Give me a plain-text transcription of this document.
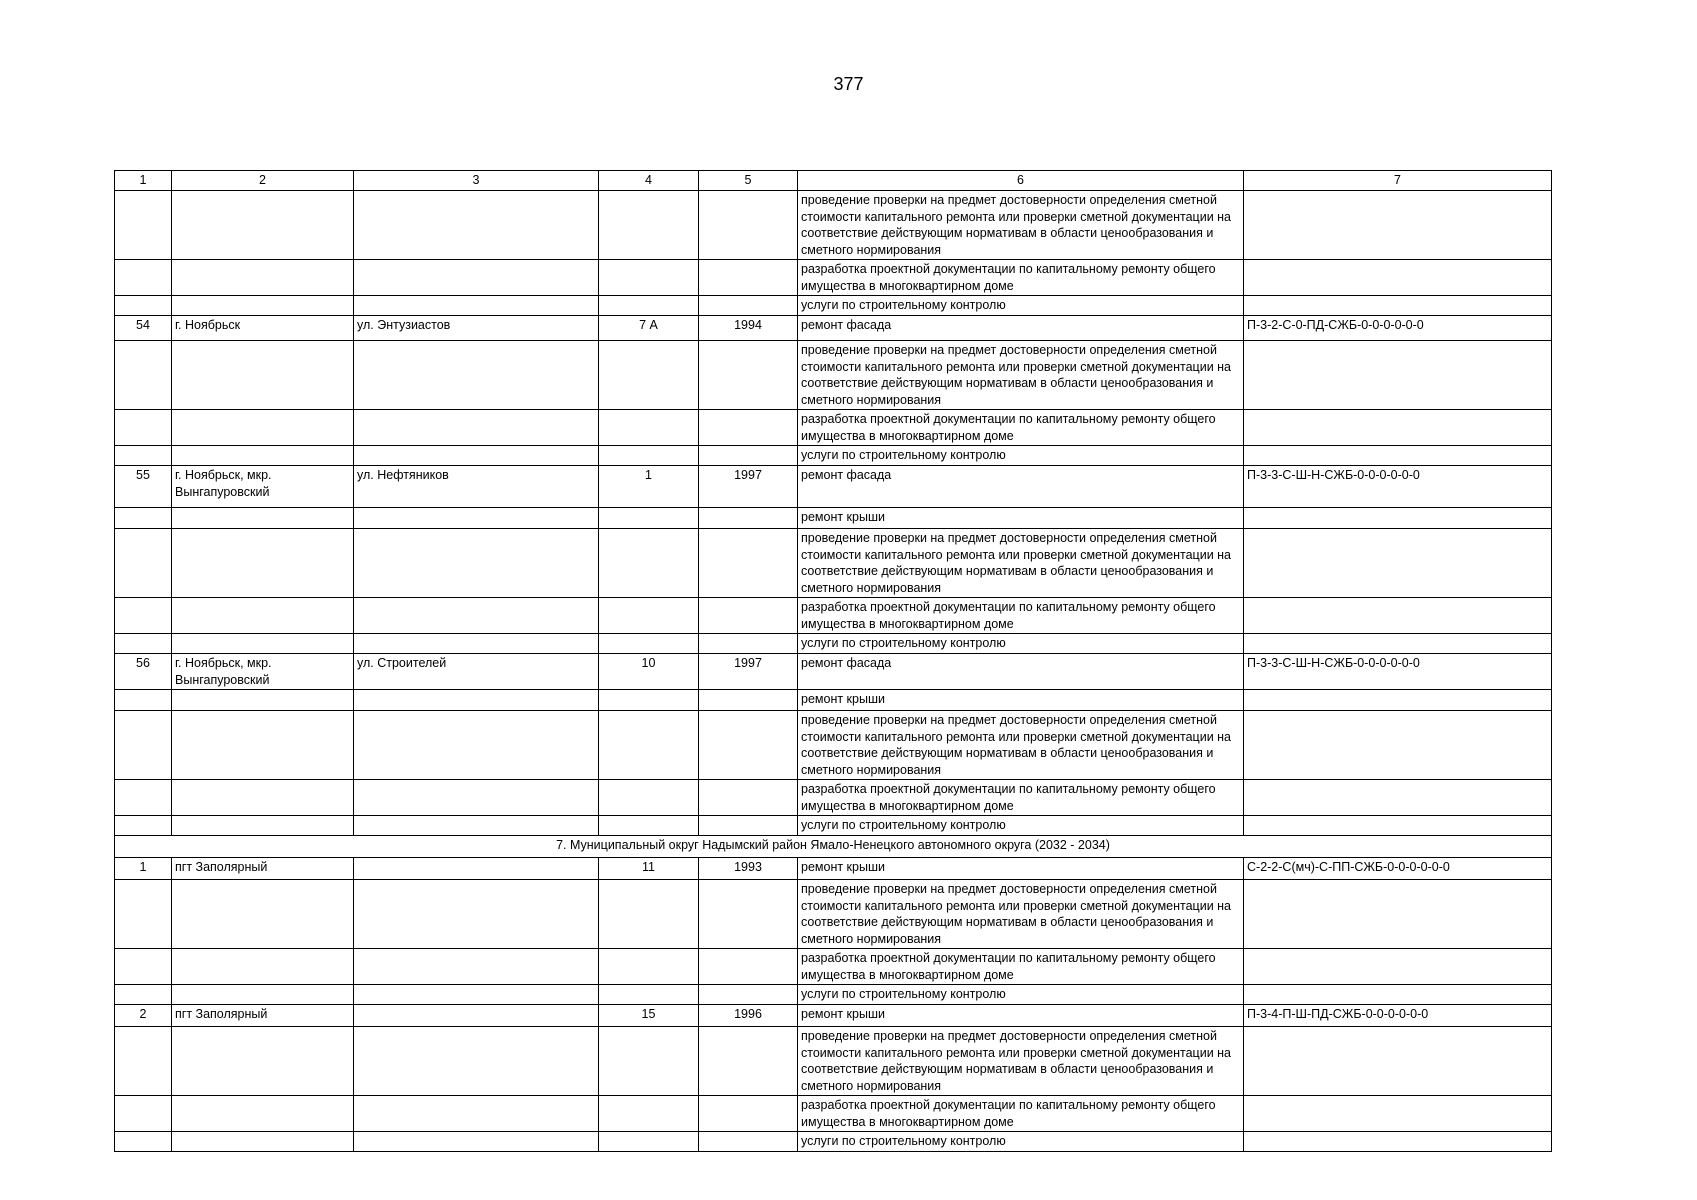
377
1	2	3	4	5	6	7
					проведение проверки на предмет достоверности определения сметной стоимости капитального ремонта или проверки сметной документации на соответствие действующим нормативам в области ценообразования и сметного нормирования	
					разработка проектной документации по капитальному ремонту общего имущества в многоквартирном доме	
					услуги по строительному контролю	
54	г. Ноябрьск	ул. Энтузиастов	7 А	1994	ремонт фасада	П-3-2-С-0-ПД-СЖБ-0-0-0-0-0-0
					проведение проверки на предмет достоверности определения сметной стоимости капитального ремонта или проверки сметной документации на соответствие действующим нормативам в области ценообразования и сметного нормирования	
					разработка проектной документации по капитальному ремонту общего имущества в многоквартирном доме	
					услуги по строительному контролю	
55	г. Ноябрьск, мкр. Вынгапуровский	ул. Нефтяников	1	1997	ремонт фасада	П-3-3-С-Ш-Н-СЖБ-0-0-0-0-0-0
					ремонт крыши	
					проведение проверки на предмет достоверности определения сметной стоимости капитального ремонта или проверки сметной документации на соответствие действующим нормативам в области ценообразования и сметного нормирования	
					разработка проектной документации по капитальному ремонту общего имущества в многоквартирном доме	
					услуги по строительному контролю	
56	г. Ноябрьск, мкр. Вынгапуровский	ул. Строителей	10	1997	ремонт фасада	П-3-3-С-Ш-Н-СЖБ-0-0-0-0-0-0
					ремонт крыши	
					проведение проверки на предмет достоверности определения сметной стоимости капитального ремонта или проверки сметной документации на соответствие действующим нормативам в области ценообразования и сметного нормирования	
					разработка проектной документации по капитальному ремонту общего имущества в многоквартирном доме	
					услуги по строительному контролю	
7. Муниципальный округ Надымский район Ямало-Ненецкого автономного округа (2032 - 2034)						
1	пгт Заполярный		11	1993	ремонт крыши	С-2-2-С(мч)-С-ПП-СЖБ-0-0-0-0-0-0
					проведение проверки на предмет достоверности определения сметной стоимости капитального ремонта или проверки сметной документации на соответствие действующим нормативам в области ценообразования и сметного нормирования	
					разработка проектной документации по капитальному ремонту общего имущества в многоквартирном доме	
					услуги по строительному контролю	
2	пгт Заполярный		15	1996	ремонт крыши	П-3-4-П-Ш-ПД-СЖБ-0-0-0-0-0-0
					проведение проверки на предмет достоверности определения сметной стоимости капитального ремонта или проверки сметной документации на соответствие действующим нормативам в области ценообразования и сметного нормирования	
					разработка проектной документации по капитальному ремонту общего имущества в многоквартирном доме	
					услуги по строительному контролю	
